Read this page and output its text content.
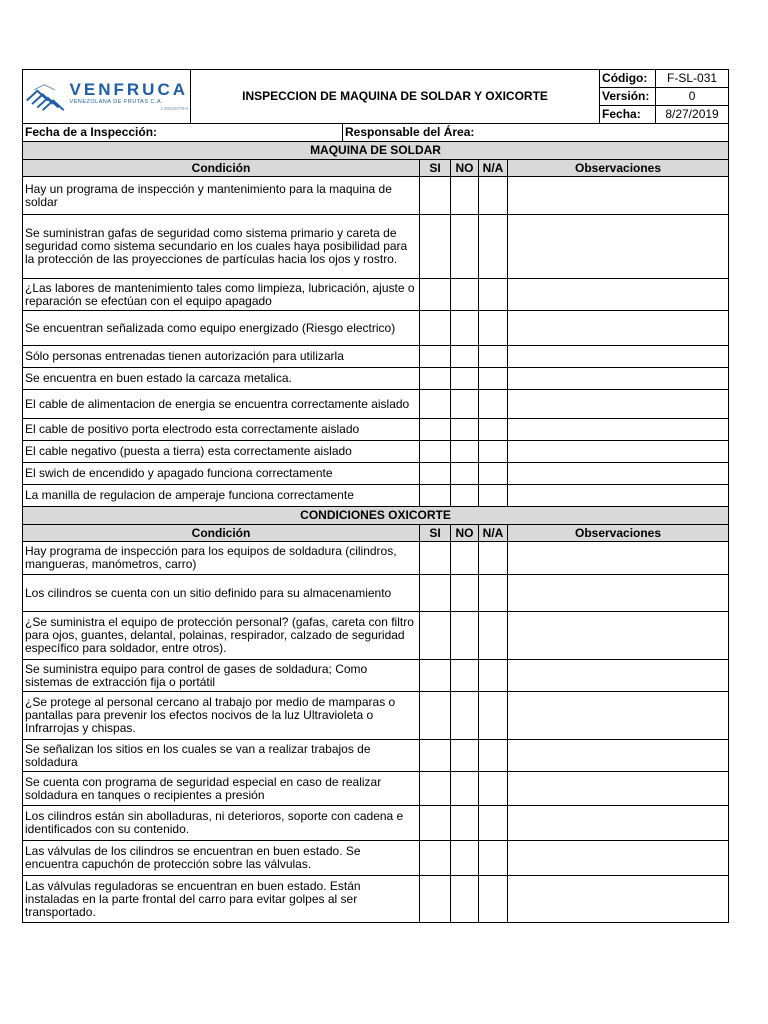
VENFRUCA
VENEZOLANA DE FRUTAS C.A.
J-30022079-0	INSPECCION DE MAQUINA DE SOLDAR Y OXICORTE						Código:	F-SL-031
							Versión:	0
							Fecha:	8/27/2019
Fecha de a Inspección:		Responsable del Área:						
MAQUINA DE SOLDAR								
Condición			SI	NO	N/A	Observaciones		
Hay un programa de inspección y mantenimiento para la maquina de soldar								
Se suministran gafas de seguridad como sistema primario y careta de seguridad como sistema secundario en los cuales haya posibilidad para la protección de las proyecciones de partículas hacia los ojos y rostro.								
¿Las labores de mantenimiento tales como limpieza, lubricación, ajuste o reparación se efectúan con el equipo apagado								
Se encuentran señalizada como equipo energizado (Riesgo electrico)								
Sólo personas entrenadas tienen autorización para utilizarla								
Se encuentra en buen estado la carcaza metalica.								
El cable de alimentacion de energia se encuentra correctamente aislado								
El cable de positivo porta electrodo esta correctamente aislado								
El cable negativo (puesta a tierra) esta correctamente aislado								
El swich de encendido y apagado funciona correctamente								
La manilla de regulacion de amperaje funciona correctamente								
CONDICIONES OXICORTE								
Condición			SI	NO	N/A	Observaciones		
Hay programa de inspección para los equipos de soldadura (cilindros, mangueras, manómetros, carro)								
Los cilindros se cuenta con un sitio definido para su almacenamiento								
¿Se suministra el equipo de protección personal? (gafas, careta con filtro para ojos, guantes, delantal, polainas, respirador, calzado de seguridad específico para soldador, entre otros).								
Se suministra equipo para control de gases de soldadura; Como sistemas de extracción fija o portátil								
¿Se protege al personal cercano al trabajo por medio de mamparas o pantallas para prevenir los efectos nocivos de la luz Ultravioleta o Infrarrojas y chispas.								
Se señalizan los sitios en los cuales se van a realizar trabajos de soldadura								
Se cuenta con programa de seguridad especial en caso de realizar soldadura en tanques o recipientes a presión								
Los cilindros están sin abolladuras, ni deterioros, soporte con cadena e identificados con su contenido.								
Las válvulas de los cilindros se encuentran en buen estado. Se encuentra capuchón de protección sobre las válvulas.								
Las válvulas reguladoras se encuentran en buen estado. Están instaladas en la parte frontal del carro para evitar golpes al ser transportado.								
